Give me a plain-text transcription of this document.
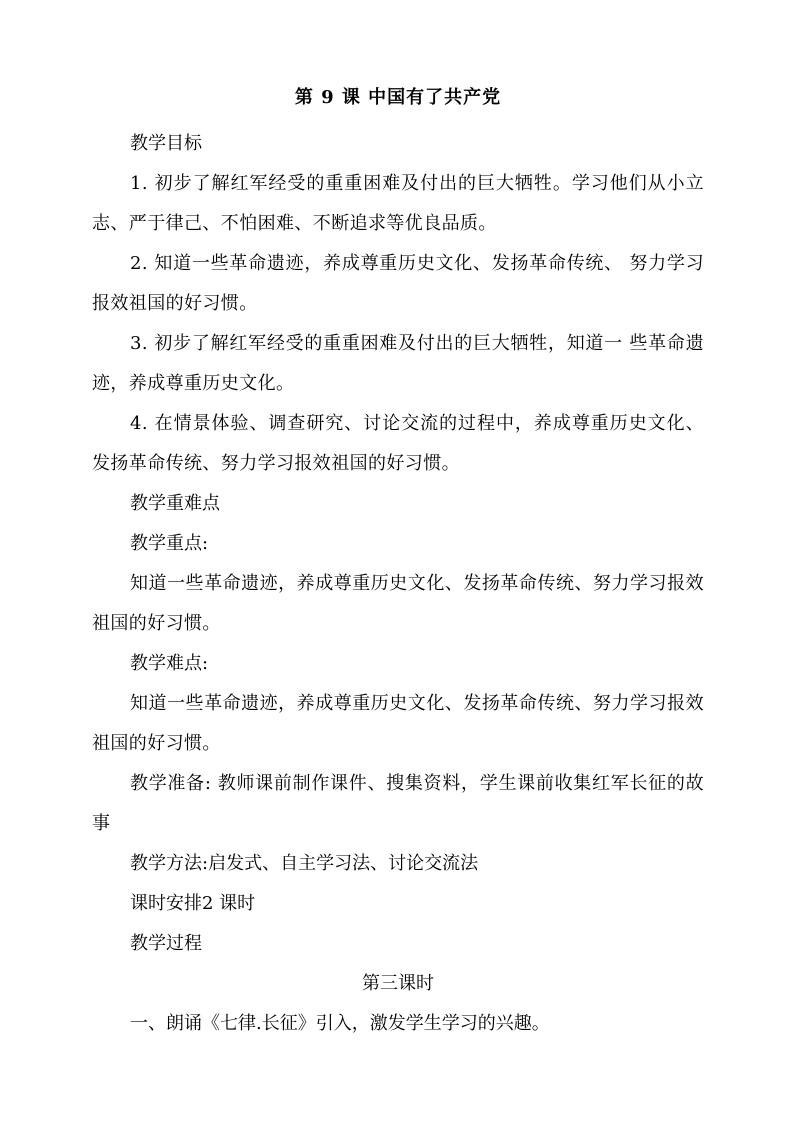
第 9 课 中国有了共产党

教学目标

1. 初步了解红军经受的重重困难及付出的巨大牺牲。学习他们从小立志、严于律己、不怕困难、不断追求等优良品质。

2. 知道一些革命遗迹，养成尊重历史文化、发扬革命传统、 努力学习报效祖国的好习惯。

3. 初步了解红军经受的重重困难及付出的巨大牺牲，知道一 些革命遗迹，养成尊重历史文化。

4. 在情景体验、调查研究、讨论交流的过程中，养成尊重历史文化、发扬革命传统、努力学习报效祖国的好习惯。

教学重难点

教学重点:

知道一些革命遗迹，养成尊重历史文化、发扬革命传统、努力学习报效祖国的好习惯。

教学难点:

知道一些革命遗迹，养成尊重历史文化、发扬革命传统、努力学习报效祖国的好习惯。

教学准备: 教师课前制作课件、搜集资料，学生课前收集红军长征的故事

教学方法:启发式、自主学习法、讨论交流法

课时安排2 课时

教学过程

第三课时

一、朗诵《七律.长征》引入，激发学生学习的兴趣。
